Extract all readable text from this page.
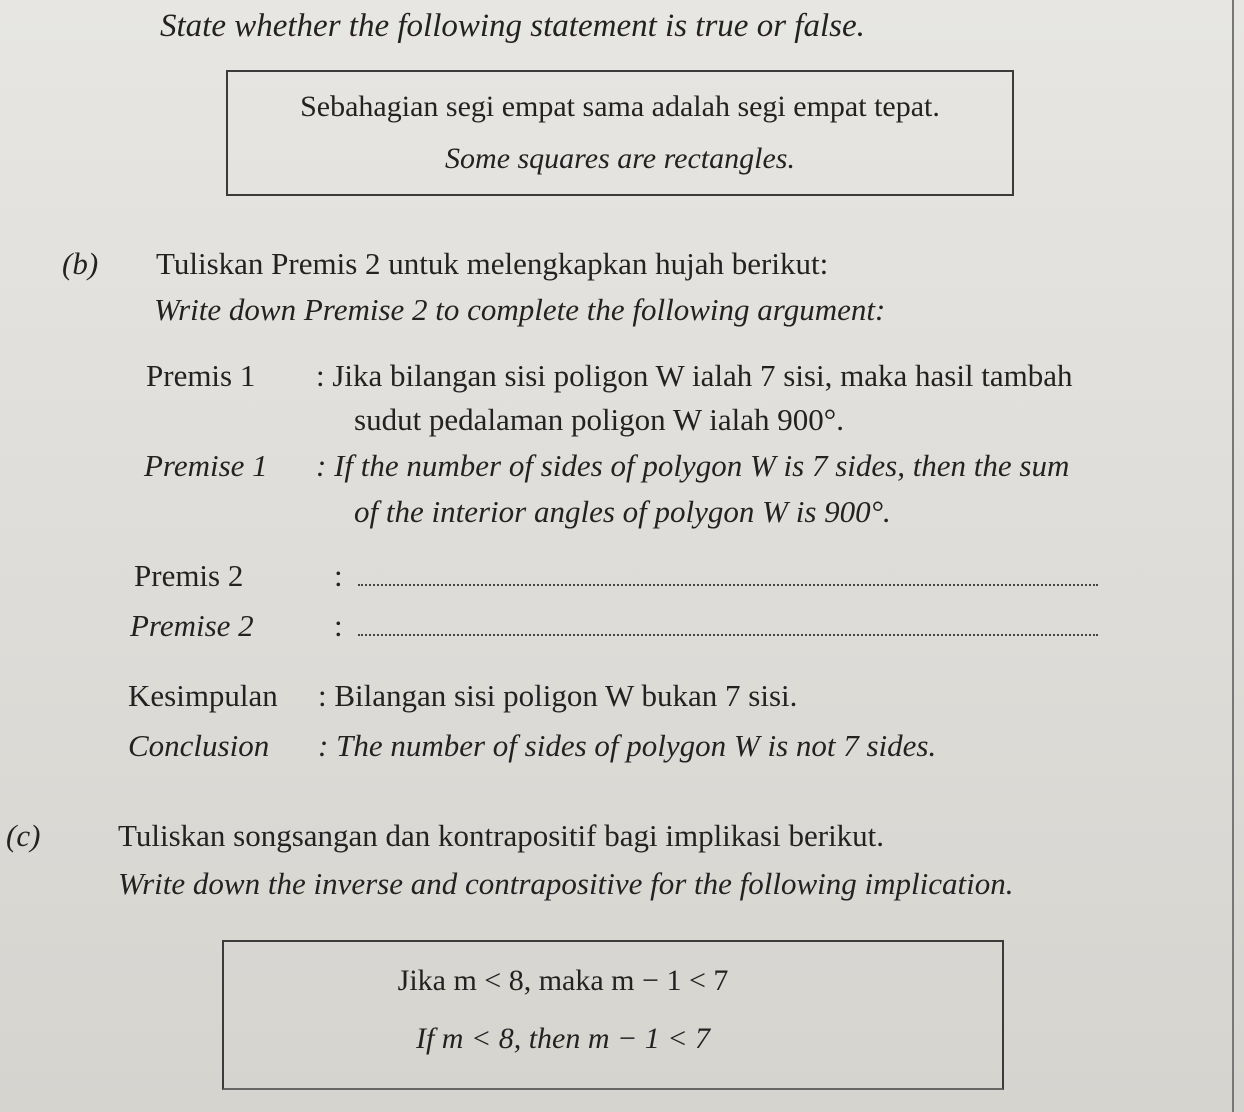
State whether the following statement is true or false.
Sebahagian segi empat sama adalah segi empat tepat.
Some squares are rectangles.
(b) Tuliskan Premis 2 untuk melengkapkan hujah berikut:
Write down Premise 2 to complete the following argument:
Premis 1 : Jika bilangan sisi poligon W ialah 7 sisi, maka hasil tambah
sudut pedalaman poligon W ialah 900°.
Premise 1 : If the number of sides of polygon W is 7 sides, then the sum
of the interior angles of polygon W is 900°.
Premis 2	:
Premise 2	:
Kesimpulan : Bilangan sisi poligon W bukan 7 sisi.
Conclusion : The number of sides of polygon W is not 7 sides.
(c)	Tuliskan songsangan dan kontrapositif bagi implikasi berikut.
Write down the inverse and contrapositive for the following implication.
Jika m < 8, maka m − 1 < 7
If m < 8, then m − 1 < 7
